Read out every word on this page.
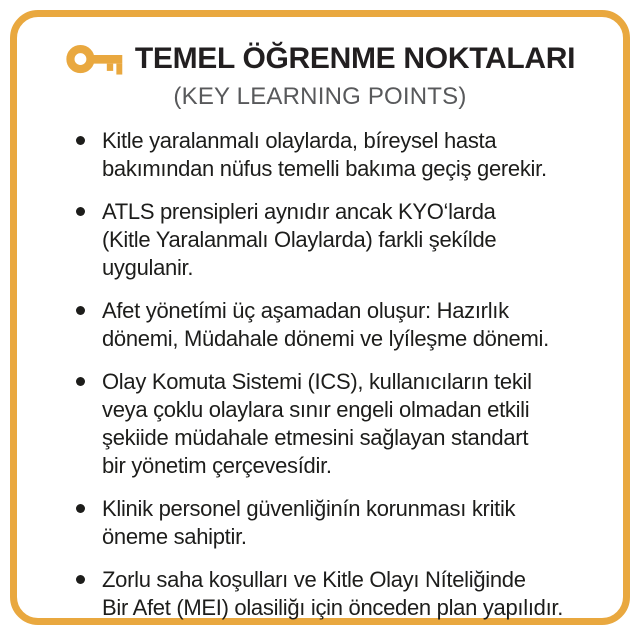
TEMEL ÖĞRENME NOKTALARI
(KEY LEARNING POINTS)
Kitle yaralanmalı olaylarda, bíreysel hasta
bakımından nüfus temelli bakıma geçiş gerekir.
ATLS prensipleri aynıdır ancak KYO‘larda
(Kitle Yaralanmalı Olaylarda) farkli şekílde
uygulanir.
Afet yönetími üç aşamadan oluşur: Hazırlık
dönemi, Müdahale dönemi ve lyíleşme dönemi.
Olay Komuta Sistemi (ICS), kullanıcıların tekil
veya çoklu olaylara sınır engeli olmadan etkili
şekiide müdahale etmesini sağlayan standart
bir yönetim çerçevesídir.
Klinik personel güvenliğinín korunması kritik
öneme sahiptir.
Zorlu saha koşulları ve Kitle Olayı Níteliğinde
Bir Afet (MEI) olasiliğı için önceden plan yapılıdır.
